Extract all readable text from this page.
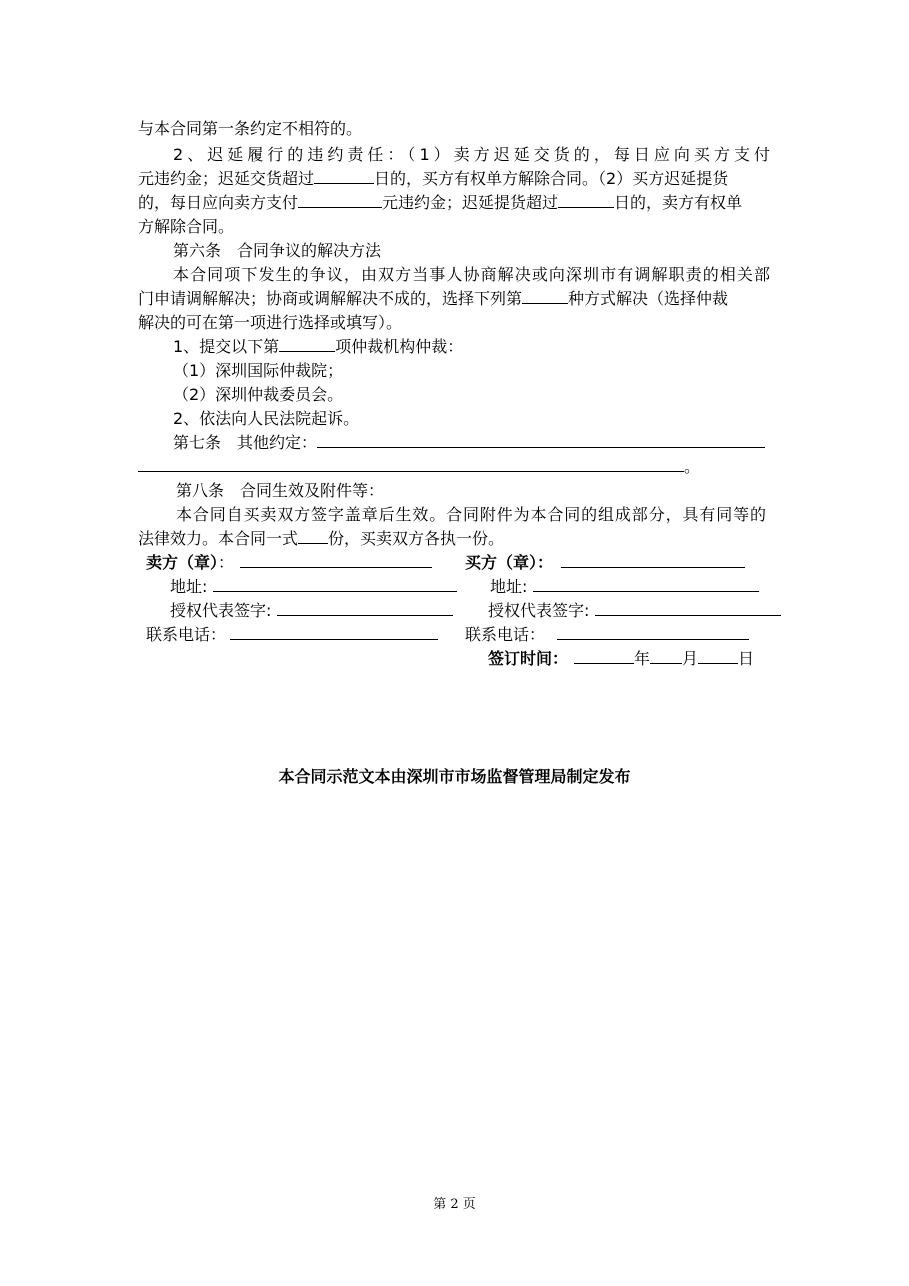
与本合同第一条约定不相符的。
2、迟延履行的违约责任：（1）卖方迟延交货的，每日应向买方支付
元违约金；迟延交货超过	日的，买方有权单方解除合同。（2）买方迟延提货
的，每日应向卖方支付	元违约金；迟延提货超过	日的，卖方有权单
方解除合同。
第六条　合同争议的解决方法
本合同项下发生的争议，由双方当事人协商解决或向深圳市有调解职责的相关部
门申请调解解决；协商或调解解决不成的，选择下列第	种方式解决（选择仲裁
解决的可在第一项进行选择或填写）。
1、提交以下第	项仲裁机构仲裁：
（1）深圳国际仲裁院；
（2）深圳仲裁委员会。
2、依法向人民法院起诉。
第七条　其他约定：
。
第八条　合同生效及附件等：
本合同自买卖双方签字盖章后生效。合同附件为本合同的组成部分，具有同等的
法律效力。本合同一式 份，买卖双方各执一份。
卖方（章）：	买方（章）：
地址:	地址:
授权代表签字:	授权代表签字:
联系电话：	联系电话：
签订时间：	年 月	日
本合同示范文本由深圳市市场监督管理局制定发布
第 2 页
